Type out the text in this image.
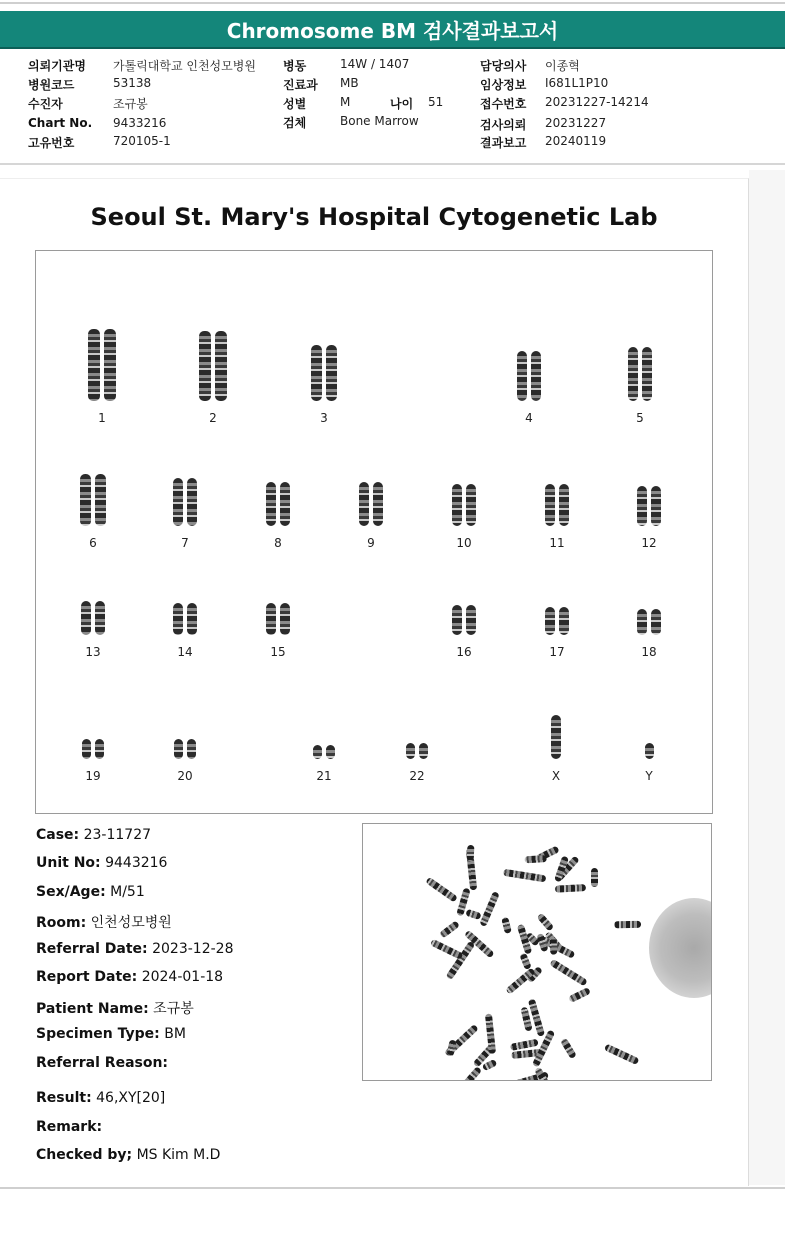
Chromosome BM 검사결과보고서
의뢰기관명 가톨릭대학교 인천성모병원
병원코드	53138
수진자	조규봉
Chart No. 9433216
고유번호	720105-1
병동	14W / 1407
진료과 MB
성별	M	나이 51
검체	Bone Marrow
담당의사 이종혁
임상정보 I681L1P10
접수번호 20231227-14214
검사의뢰 20231227
결과보고 20240119
Seoul St. Mary's Hospital Cytogenetic Lab
1	2	3	4	5
6	7	8	9	10	11	12
13	14	15	16	17	18
19	20	21	22	X	Y
Case: 23-11727
Unit No: 9443216
Sex/Age: M/51
Room: 인천성모병원
Referral Date: 2023-12-28
Report Date: 2024-01-18
Patient Name: 조규봉
Specimen Type: BM
Referral Reason:
Result: 46,XY[20]
Remark:
Checked by; MS Kim M.D
